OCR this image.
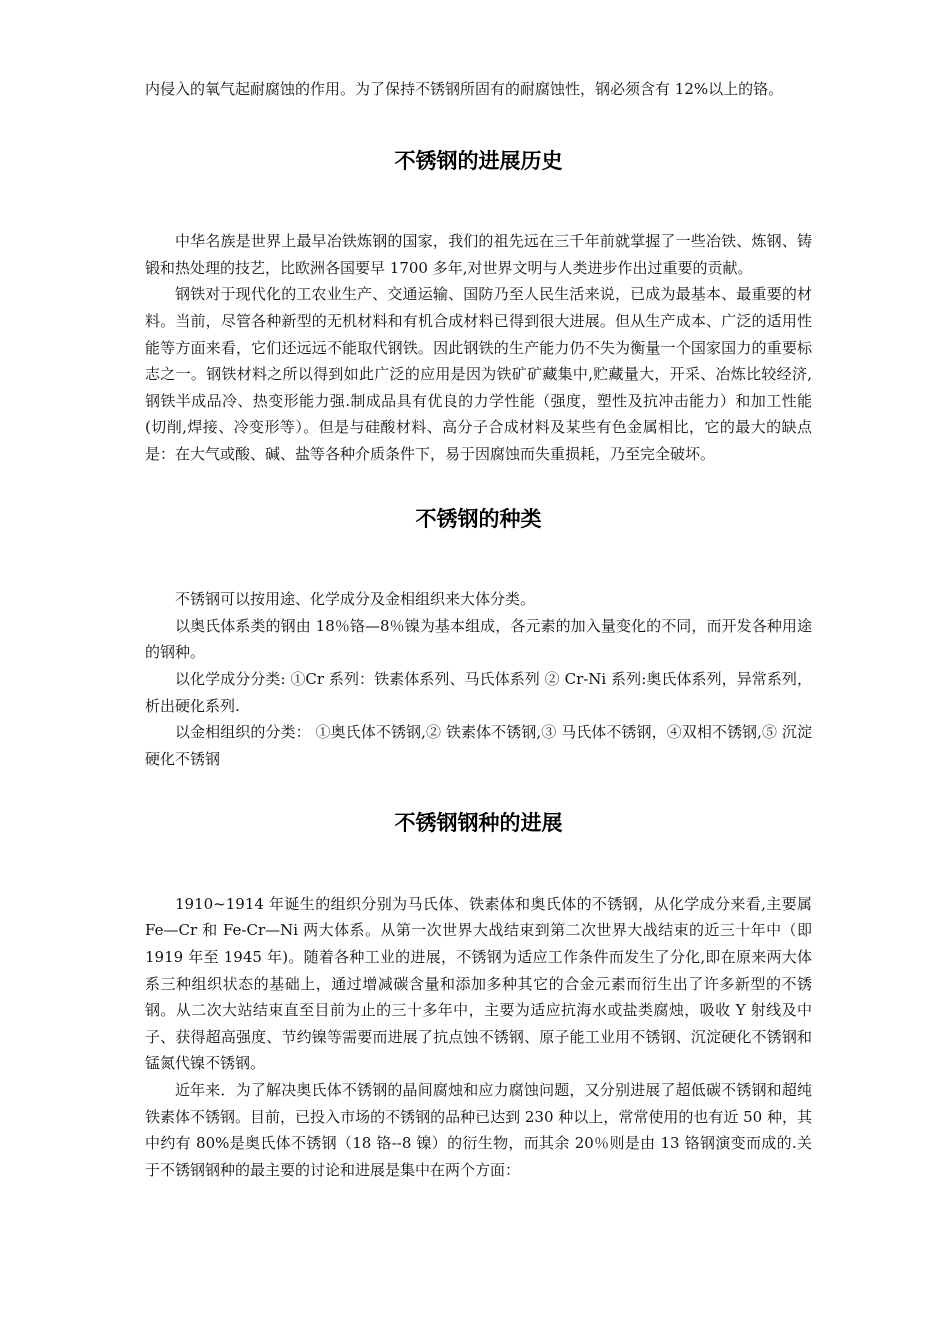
内侵入的氧气起耐腐蚀的作用。为了保持不锈钢所固有的耐腐蚀性，钢必须含有 12%以上的铬。

不锈钢的进展历史

中华名族是世界上最早冶铁炼钢的国家，我们的祖先远在三千年前就掌握了一些冶铁、炼钢、铸锻和热处理的技艺，比欧洲各国要早 1700 多年,对世界文明与人类进步作出过重要的贡献。

钢铁对于现代化的工农业生产、交通运输、国防乃至人民生活来说，已成为最基本、最重要的材料。当前，尽管各种新型的无机材料和有机合成材料已得到很大进展。但从生产成本、广泛的适用性能等方面来看，它们还远远不能取代钢铁。因此钢铁的生产能力仍不失为衡量一个国家国力的重要标志之一。钢铁材料之所以得到如此广泛的应用是因为铁矿矿藏集中,贮藏量大，开采、冶炼比较经济,钢铁半成品冷、热变形能力强.制成品具有优良的力学性能（强度，塑性及抗冲击能力）和加工性能(切削,焊接、冷变形等）。但是与硅酸材料、高分子合成材料及某些有色金属相比，它的最大的缺点是：在大气或酸、碱、盐等各种介质条件下，易于因腐蚀而失重损耗，乃至完全破坏。

不锈钢的种类

不锈钢可以按用途、化学成分及金相组织来大体分类。

以奥氏体系类的钢由 18％铬—8％镍为基本组成，各元素的加入量变化的不同，而开发各种用途的钢种。

以化学成分分类: ①Cr 系列：铁素体系列、马氏体系列 ② Cr-Ni 系列:奥氏体系列，异常系列，析出硬化系列.

以金相组织的分类： ①奥氏体不锈钢,② 铁素体不锈钢,③ 马氏体不锈钢，④双相不锈钢,⑤ 沉淀硬化不锈钢

不锈钢钢种的进展

1910~1914 年诞生的组织分别为马氏体、铁素体和奥氏体的不锈钢，从化学成分来看,主要属 Fe—Cr 和 Fe-Cr—Ni 两大体系。从第一次世界大战结束到第二次世界大战结束的近三十年中（即 1919 年至 1945 年)。随着各种工业的进展，不锈钢为适应工作条件而发生了分化,即在原来两大体系三种组织状态的基础上，通过增减碳含量和添加多种其它的合金元素而衍生出了许多新型的不锈钢。从二次大站结束直至目前为止的三十多年中，主要为适应抗海水或盐类腐烛，吸收 Y 射线及中子、获得超高强度、节约镍等需要而进展了抗点蚀不锈钢、原子能工业用不锈钢、沉淀硬化不锈钢和锰氮代镍不锈钢。

近年来．为了解决奥氏体不锈钢的晶间腐烛和应力腐蚀问题，又分别进展了超低碳不锈钢和超纯铁素体不锈钢。目前，已投入市场的不锈钢的品种已达到 230 种以上，常常使用的也有近 50 种，其中约有 80%是奥氏体不锈钢（18 铬--8 镍）的衍生物，而其余 20％则是由 13 铬钢演变而成的.关于不锈钢钢种的最主要的讨论和进展是集中在两个方面：
